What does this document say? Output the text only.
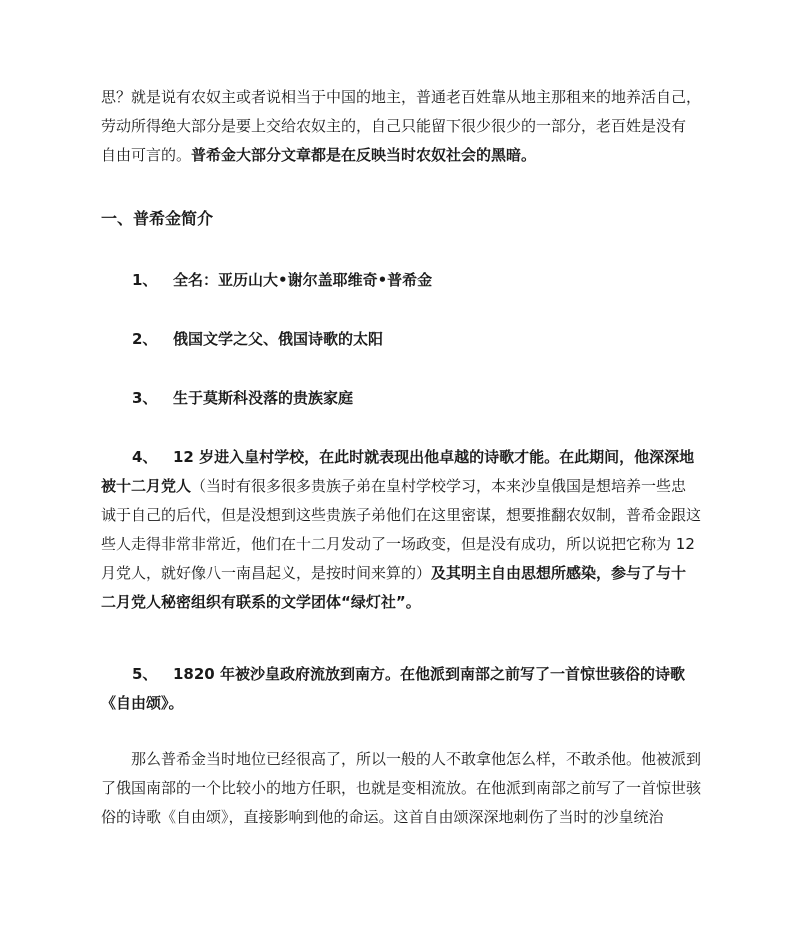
思？就是说有农奴主或者说相当于中国的地主，普通老百姓靠从地主那租来的地养活自己，
劳动所得绝大部分是要上交给农奴主的，自己只能留下很少很少的一部分，老百姓是没有
自由可言的。普希金大部分文章都是在反映当时农奴社会的黑暗。

一、普希金简介

1、 全名：亚历山大•谢尔盖耶维奇•普希金

2、 俄国文学之父、俄国诗歌的太阳

3、 生于莫斯科没落的贵族家庭

4、 12 岁进入皇村学校，在此时就表现出他卓越的诗歌才能。在此期间，他深深地被十二月党人（当时有很多很多贵族子弟在皇村学校学习，本来沙皇俄国是想培养一些忠诚于自己的后代，但是没想到这些贵族子弟他们在这里密谋，想要推翻农奴制，普希金跟这些人走得非常非常近，他们在十二月发动了一场政变，但是没有成功，所以说把它称为 12 月党人，就好像八一南昌起义，是按时间来算的）及其明主自由思想所感染，参与了与十二月党人秘密组织有联系的文学团体“绿灯社”。

5、 1820 年被沙皇政府流放到南方。在他派到南部之前写了一首惊世骇俗的诗歌《自由颂》。

那么普希金当时地位已经很高了，所以一般的人不敢拿他怎么样，不敢杀他。他被派到了俄国南部的一个比较小的地方任职，也就是变相流放。在他派到南部之前写了一首惊世骇俗的诗歌《自由颂》，直接影响到他的命运。这首自由颂深深地刺伤了当时的沙皇统治
